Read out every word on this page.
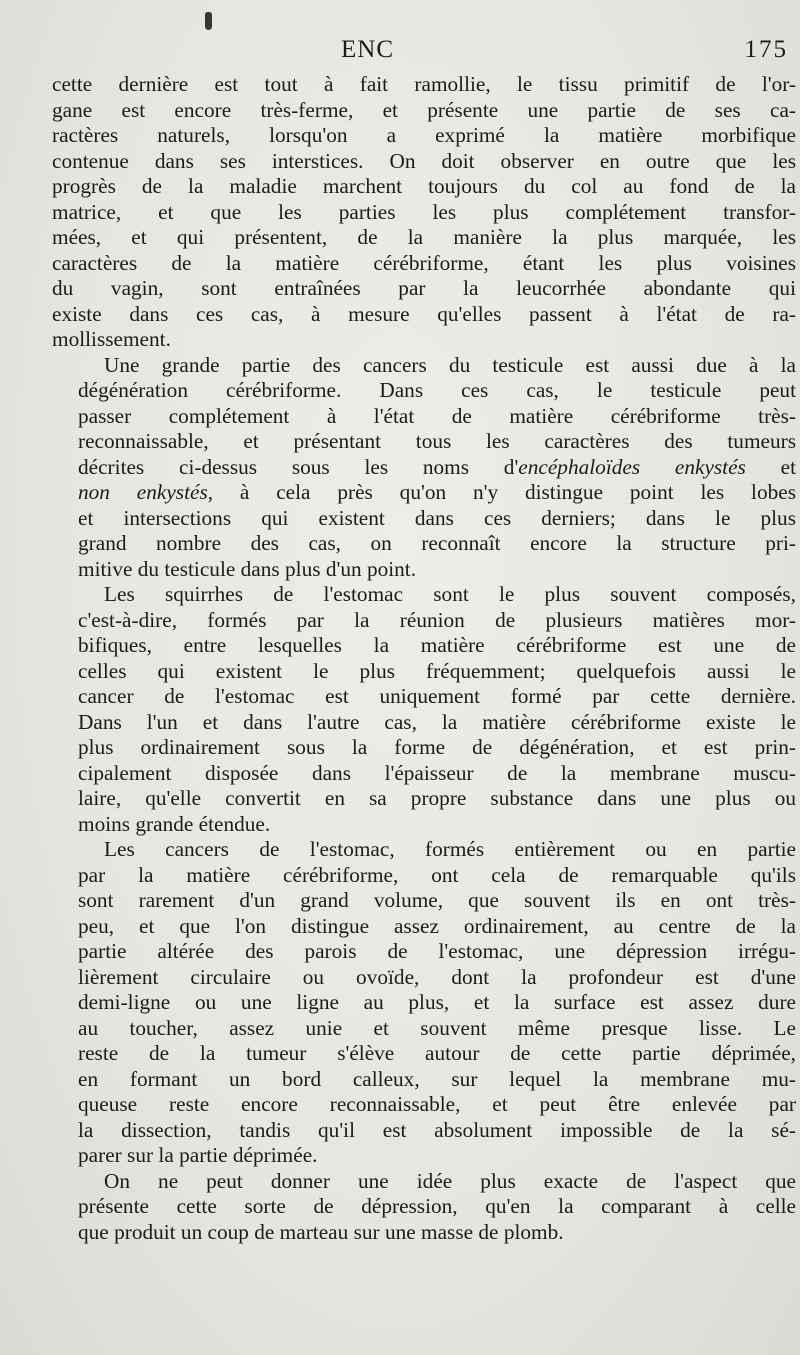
ENC	175
cette dernière est tout à fait ramollie, le tissu primitif de l'or-
gane est encore très-ferme, et présente une partie de ses ca-
ractères naturels, lorsqu'on a exprimé la matière morbifique
contenue dans ses interstices. On doit observer en outre que les
progrès de la maladie marchent toujours du col au fond de la
matrice, et que les parties les plus complétement transfor-
mées, et qui présentent, de la manière la plus marquée, les
caractères de la matière cérébriforme, étant les plus voisines
du vagin, sont entraînées par la leucorrhée abondante qui
existe dans ces cas, à mesure qu'elles passent à l'état de ra-
mollissement.
Une grande partie des cancers du testicule est aussi due à la
dégénération cérébriforme. Dans ces cas, le testicule peut
passer complétement à l'état de matière cérébriforme très-
reconnaissable, et présentant tous les caractères des tumeurs
décrites ci-dessus sous les noms d'encéphaloïdes enkystés et
non enkystés, à cela près qu'on n'y distingue point les lobes
et intersections qui existent dans ces derniers; dans le plus
grand nombre des cas, on reconnaît encore la structure pri-
mitive du testicule dans plus d'un point.
Les squirrhes de l'estomac sont le plus souvent composés,
c'est-à-dire, formés par la réunion de plusieurs matières mor-
bifiques, entre lesquelles la matière cérébriforme est une de
celles qui existent le plus fréquemment; quelquefois aussi le
cancer de l'estomac est uniquement formé par cette dernière.
Dans l'un et dans l'autre cas, la matière cérébriforme existe le
plus ordinairement sous la forme de dégénération, et est prin-
cipalement disposée dans l'épaisseur de la membrane muscu-
laire, qu'elle convertit en sa propre substance dans une plus ou
moins grande étendue.
Les cancers de l'estomac, formés entièrement ou en partie
par la matière cérébriforme, ont cela de remarquable qu'ils
sont rarement d'un grand volume, que souvent ils en ont très-
peu, et que l'on distingue assez ordinairement, au centre de la
partie altérée des parois de l'estomac, une dépression irrégu-
lièrement circulaire ou ovoïde, dont la profondeur est d'une
demi-ligne ou une ligne au plus, et la surface est assez dure
au toucher, assez unie et souvent même presque lisse. Le
reste de la tumeur s'élève autour de cette partie déprimée,
en formant un bord calleux, sur lequel la membrane mu-
queuse reste encore reconnaissable, et peut être enlevée par
la dissection, tandis qu'il est absolument impossible de la sé-
parer sur la partie déprimée.
On ne peut donner une idée plus exacte de l'aspect que
présente cette sorte de dépression, qu'en la comparant à celle
que produit un coup de marteau sur une masse de plomb.
